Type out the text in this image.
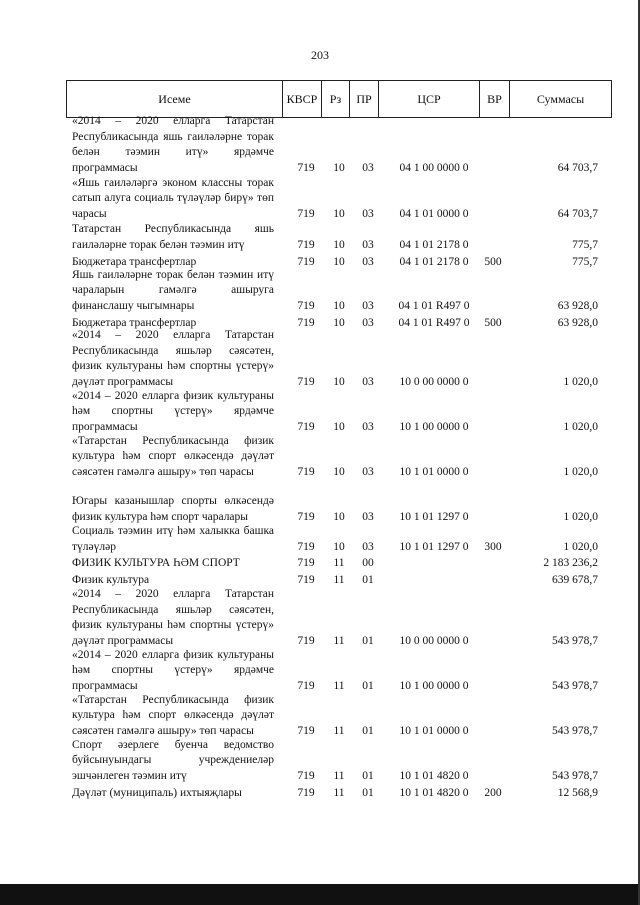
203
Исеме	КВСР	Рз	ПР	ЦСР	ВР	Суммасы
«2014 – 2020 елларга Татарстан Республикасында яшь гаиләләрне торак белән тәэмин итү» ярдәмче программасы	719	10	03	04 1 00 0000 0	64 703,7
«Яшь гаиләләргә эконом классны торак сатып алуга социаль түләүләр бирү» төп чарасы	719	10	03	04 1 01 0000 0	64 703,7
Татарстан Республикасында яшь гаиләләрне торак белән тәэмин итү	719	10	03	04 1 01 2178 0	775,7
Бюджетара трансфертлар	719	10	03	04 1 01 2178 0	500	775,7
Яшь гаиләләрне торак белән тәэмин итү чараларын гамәлгә ашыруга финанслашу чыгымнары	719	10	03	04 1 01 R497 0	63 928,0
Бюджетара трансфертлар	719	10	03	04 1 01 R497 0	500	63 928,0
«2014 – 2020 елларга Татарстан Республикасында яшьләр сәясәтен, физик культураны һәм спортны үстерү» дәүләт программасы	719	10	03	10 0 00 0000 0	1 020,0
«2014 – 2020 елларга физик культураны һәм спортны үстерү» ярдәмче программасы	719	10	03	10 1 00 0000 0	1 020,0
«Татарстан Республикасында физик культура һәм спорт өлкәсендә дәүләт сәясәтен гамәлгә ашыру» төп чарасы	719	10	03	10 1 01 0000 0	1 020,0
Югары казанышлар спорты өлкәсендә физик культура һәм спорт чаралары	719	10	03	10 1 01 1297 0	1 020,0
Социаль тәэмин итү һәм халыкка башка түләүләр	719	10	03	10 1 01 1297 0	300	1 020,0
ФИЗИК КУЛЬТУРА ҺӘМ СПОРТ	719	11	00	2 183 236,2
Физик культура	719	11	01	639 678,7
«2014 – 2020 елларга Татарстан Республикасында яшьләр сәясәтен, физик культураны һәм спортны үстерү» дәүләт программасы	719	11	01	10 0 00 0000 0	543 978,7
«2014 – 2020 елларга физик культураны һәм спортны үстерү» ярдәмче программасы	719	11	01	10 1 00 0000 0	543 978,7
«Татарстан Республикасында физик культура һәм спорт өлкәсендә дәүләт сәясәтен гамәлгә ашыру» төп чарасы	719	11	01	10 1 01 0000 0	543 978,7
Спорт әзерлеге буенча ведомство буйсынуындагы учреждениеләр эшчәнлеген тәэмин итү	719	11	01	10 1 01 4820 0	543 978,7
Дәүләт (муниципаль) ихтыяҗлары	719	11	01	10 1 01 4820 0	200	12 568,9
